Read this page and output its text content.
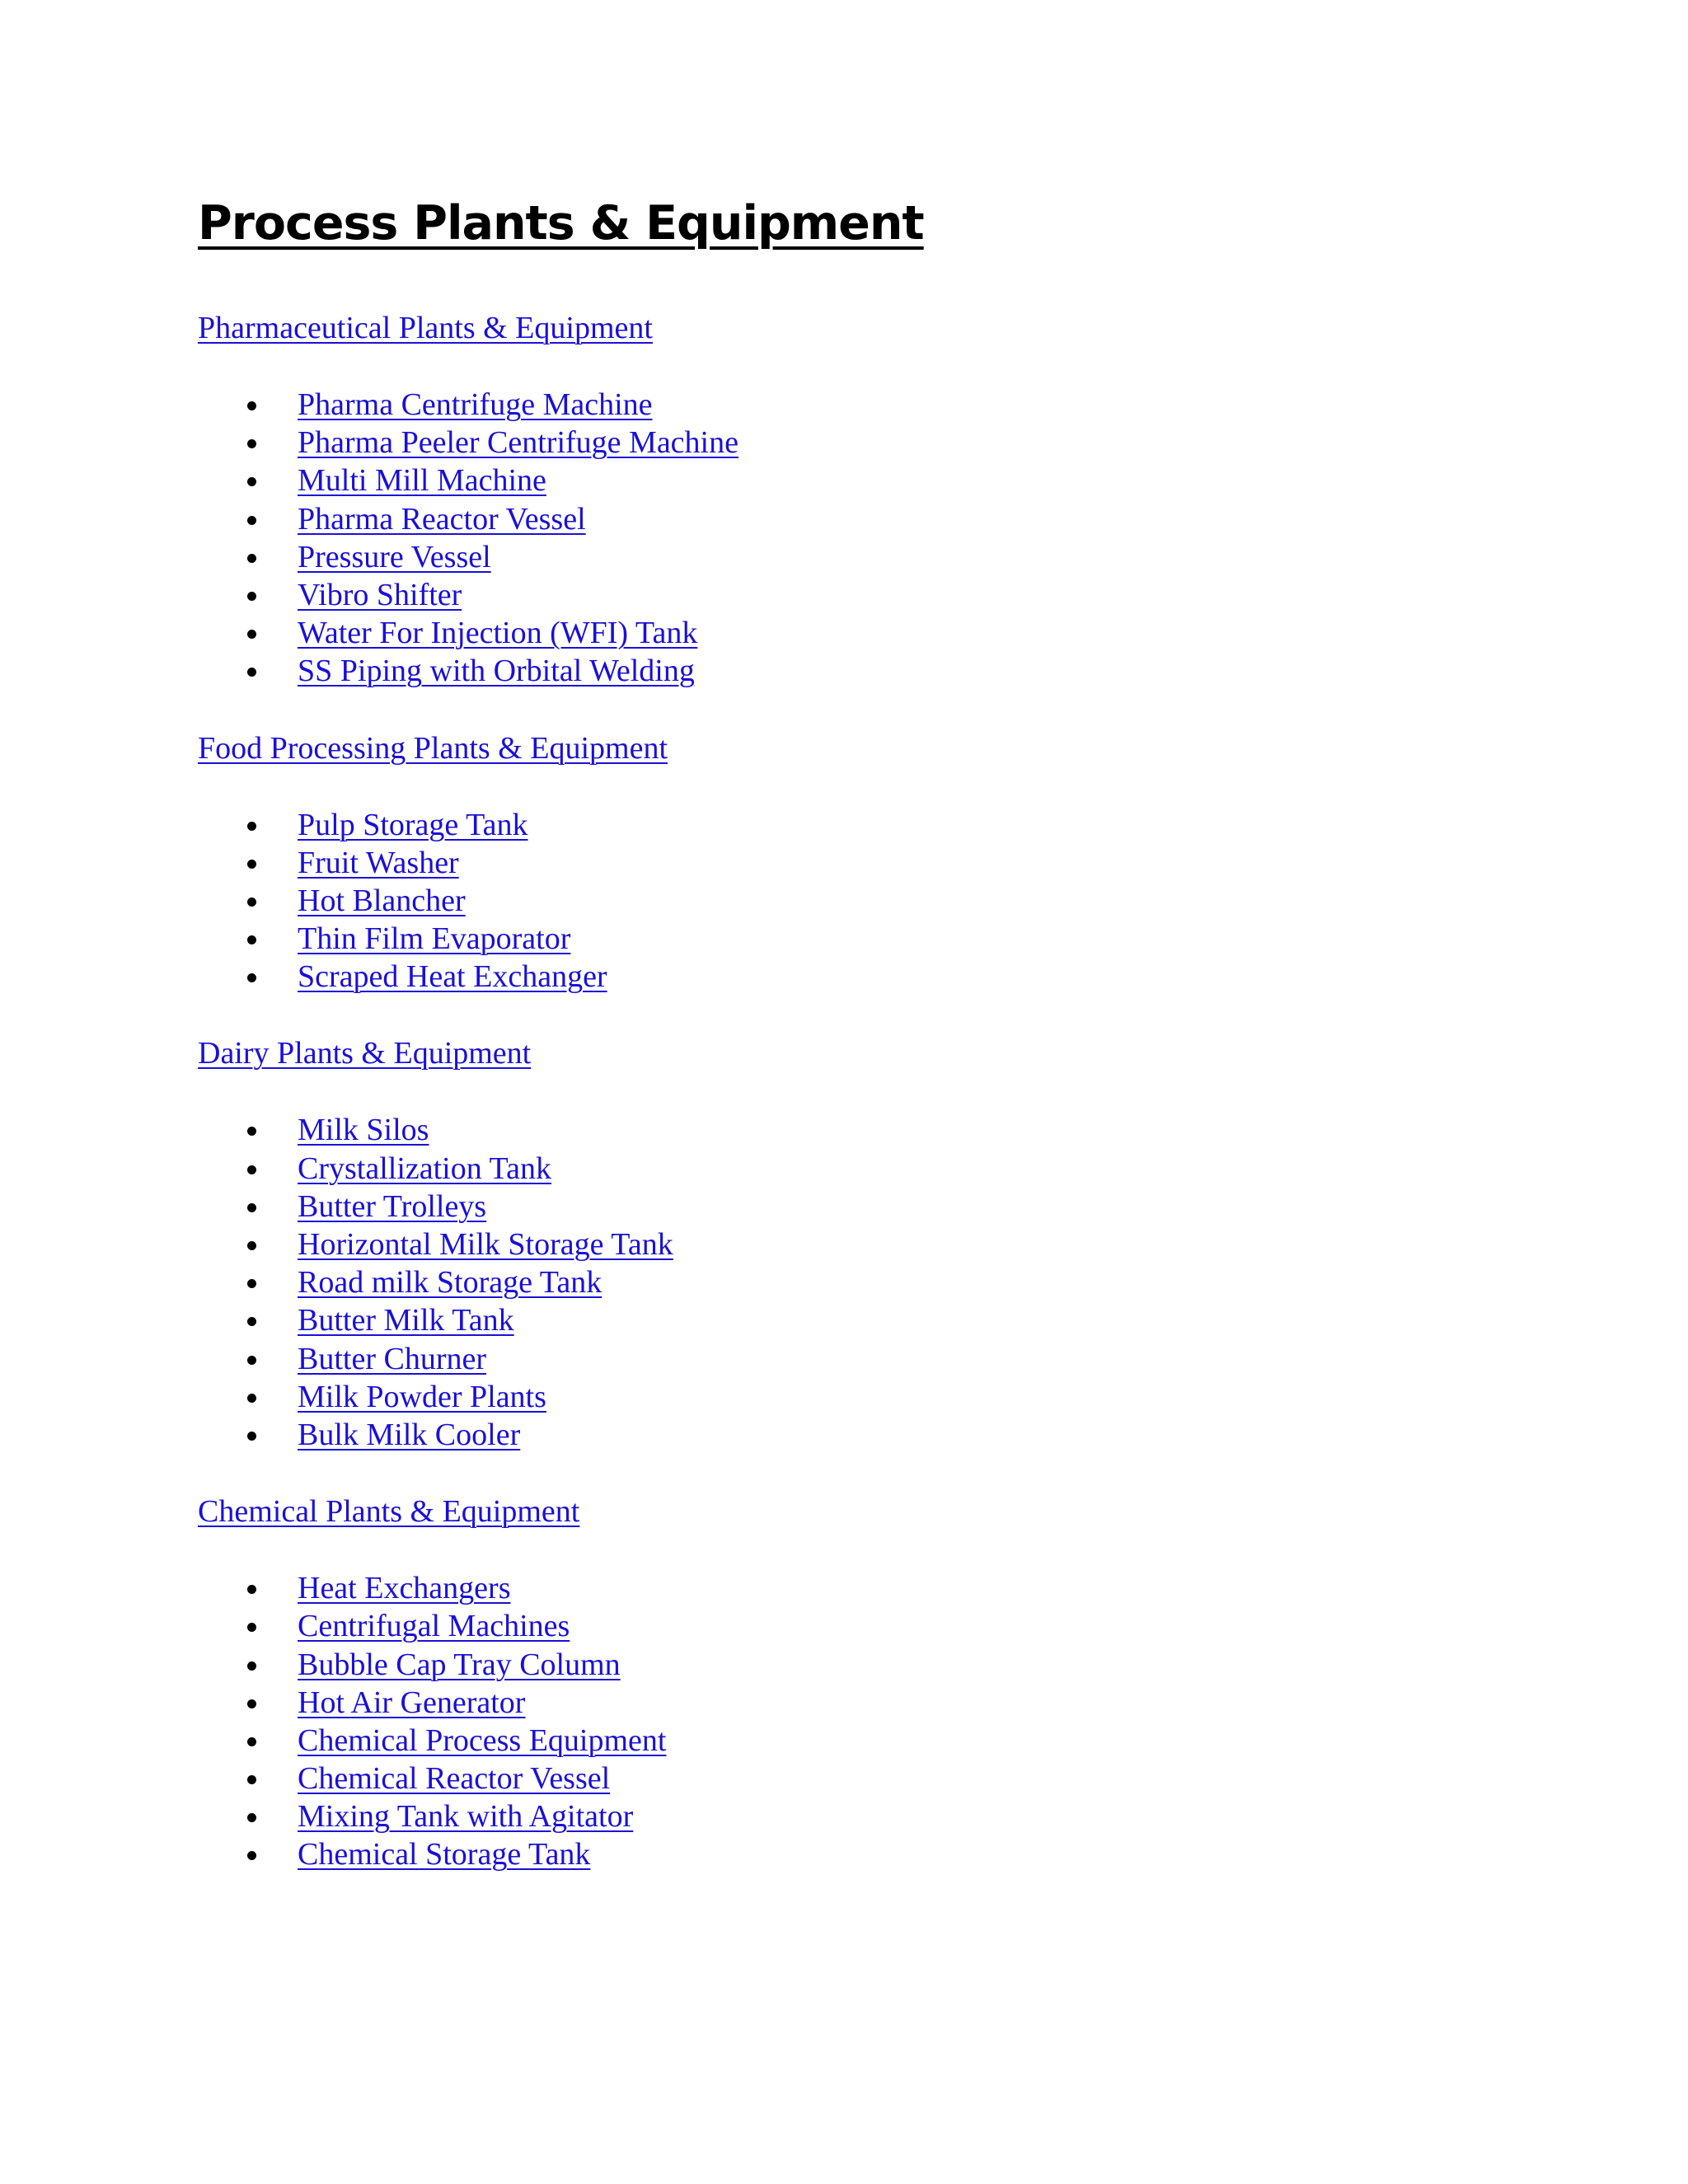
Process Plants & Equipment
Pharmaceutical Plants & Equipment
Pharma Centrifuge Machine
Pharma Peeler Centrifuge Machine
Multi Mill Machine
Pharma Reactor Vessel
Pressure Vessel
Vibro Shifter
Water For Injection (WFI) Tank
SS Piping with Orbital Welding
Food Processing Plants & Equipment
Pulp Storage Tank
Fruit Washer
Hot Blancher
Thin Film Evaporator
Scraped Heat Exchanger
Dairy Plants & Equipment
Milk Silos
Crystallization Tank
Butter Trolleys
Horizontal Milk Storage Tank
Road milk Storage Tank
Butter Milk Tank
Butter Churner
Milk Powder Plants
Bulk Milk Cooler
Chemical Plants & Equipment
Heat Exchangers
Centrifugal Machines
Bubble Cap Tray Column
Hot Air Generator
Chemical Process Equipment
Chemical Reactor Vessel
Mixing Tank with Agitator
Chemical Storage Tank
